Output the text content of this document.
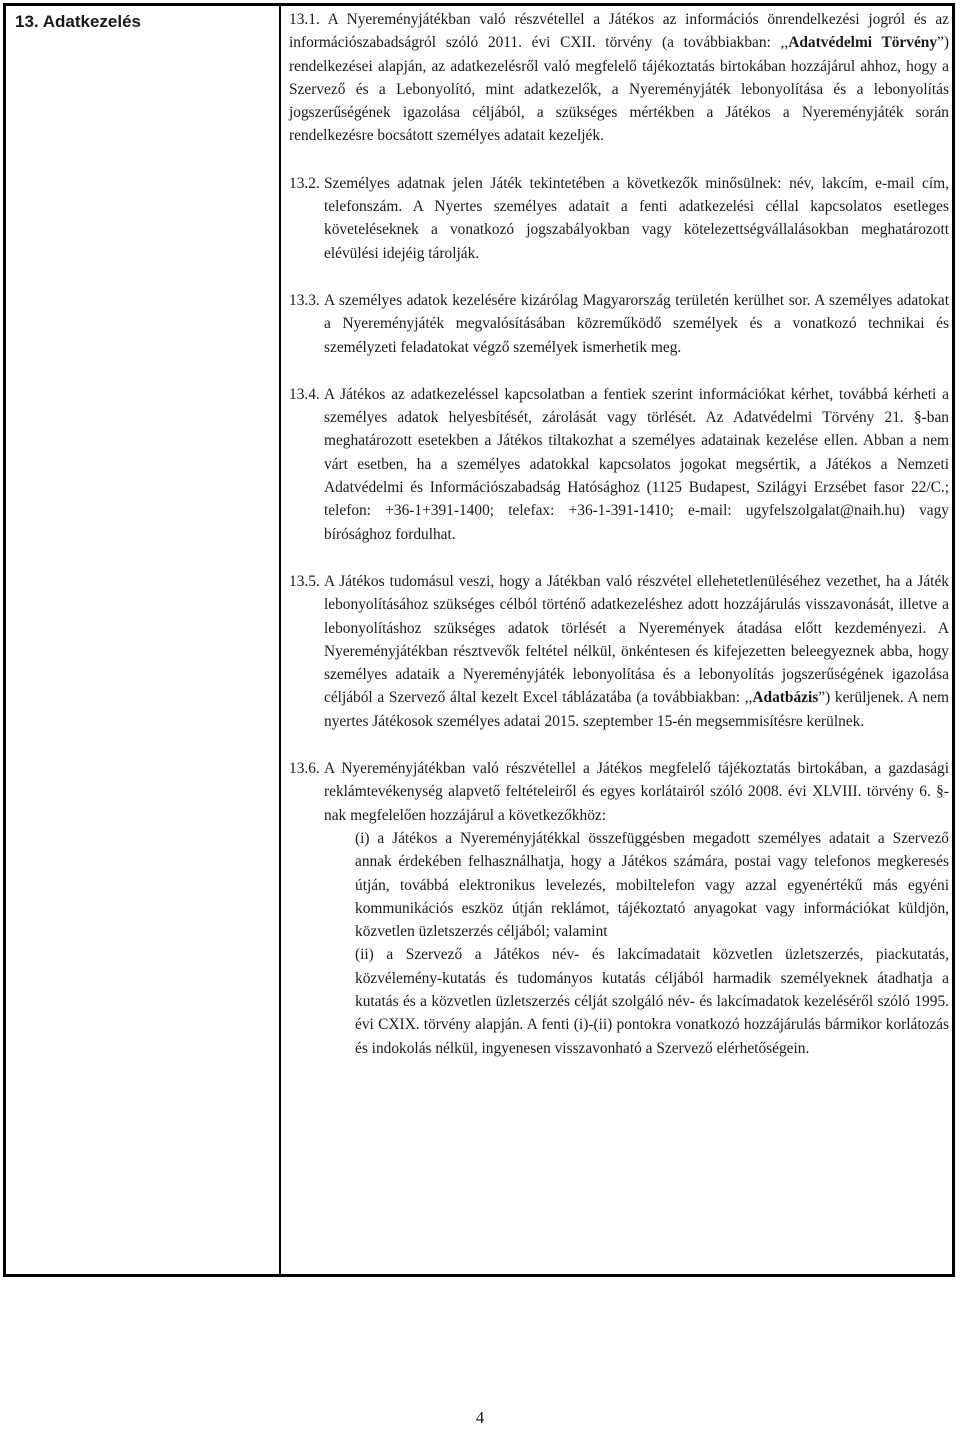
13. Adatkezelés	13.1. A Nyereményjátékban való részvétellel a Játékos az információs önrendelkezési jogról és az információszabadságról szóló 2011. évi CXII. törvény (a továbbiakban: ,,Adatvédelmi Törvény”) rendelkezései alapján, az adatkezelésről való megfelelő tájékoztatás birtokában hozzájárul ahhoz, hogy a Szervező és a Lebonyolító, mint adatkezelők, a Nyereményjáték lebonyolítása és a lebonyolítás jogszerűségének igazolása céljából, a szükséges mértékben a Játékos a Nyereményjáték során rendelkezésre bocsátott személyes adatait kezeljék.

13.2. Személyes adatnak jelen Játék tekintetében a következők minősülnek: név, lakcím, e-mail cím, telefonszám. A Nyertes személyes adatait a fenti adatkezelési céllal kapcsolatos esetleges követeléseknek a vonatkozó jogszabályokban vagy kötelezettségvállalásokban meghatározott elévülési idejéig tárolják.

13.3. A személyes adatok kezelésére kizárólag Magyarország területén kerülhet sor. A személyes adatokat a Nyereményjáték megvalósításában közreműködő személyek és a vonatkozó technikai és személyzeti feladatokat végző személyek ismerhetik meg.

13.4. A Játékos az adatkezeléssel kapcsolatban a fentiek szerint információkat kérhet, továbbá kérheti a személyes adatok helyesbítését, zárolását vagy törlését. Az Adatvédelmi Törvény 21. §-ban meghatározott esetekben a Játékos tiltakozhat a személyes adatainak kezelése ellen. Abban a nem várt esetben, ha a személyes adatokkal kapcsolatos jogokat megsértik, a Játékos a Nemzeti Adatvédelmi és Információszabadság Hatósághoz (1125 Budapest, Szilágyi Erzsébet fasor 22/C.; telefon: +36-1+391-1400; telefax: +36-1-391-1410; e-mail: ugyfelszolgalat@naih.hu) vagy bírósághoz fordulhat.

13.5. A Játékos tudomásul veszi, hogy a Játékban való részvétel ellehetetlenüléséhez vezethet, ha a Játék lebonyolításához szükséges célból történő adatkezeléshez adott hozzájárulás visszavonását, illetve a lebonyolításhoz szükséges adatok törlését a Nyeremények átadása előtt kezdeményezi. A Nyereményjátékban résztvevők feltétel nélkül, önkéntesen és kifejezetten beleegyeznek abba, hogy személyes adataik a Nyereményjáték lebonyolítása és a lebonyolítás jogszerűségének igazolása céljából a Szervező által kezelt Excel táblázatába (a továbbiakban: ,,Adatbázis”) kerüljenek. A nem nyertes Játékosok személyes adatai 2015. szeptember 15-én megsemmisítésre kerülnek.

13.6. A Nyereményjátékban való részvétellel a Játékos megfelelő tájékoztatás birtokában, a gazdasági reklámtevékenység alapvető feltételeiről és egyes korlátairól szóló 2008. évi XLVIII. törvény 6. §-nak megfelelően hozzájárul a következőkhöz:

(i) a Játékos a Nyereményjátékkal összefüggésben megadott személyes adatait a Szervező annak érdekében felhasználhatja, hogy a Játékos számára, postai vagy telefonos megkeresés útján, továbbá elektronikus levelezés, mobiltelefon vagy azzal egyenértékű más egyéni kommunikációs eszköz útján reklámot, tájékoztató anyagokat vagy információkat küldjön, közvetlen üzletszerzés céljából; valamint

(ii) a Szervező a Játékos név- és lakcímadatait közvetlen üzletszerzés, piackutatás, közvélemény-kutatás és tudományos kutatás céljából harmadik személyeknek átadhatja a kutatás és a közvetlen üzletszerzés célját szolgáló név- és lakcímadatok kezeléséről szóló 1995. évi CXIX. törvény alapján. A fenti (i)-(ii) pontokra vonatkozó hozzájárulás bármikor korlátozás és indokolás nélkül, ingyenesen visszavonható a Szervező elérhetőségein.

4
